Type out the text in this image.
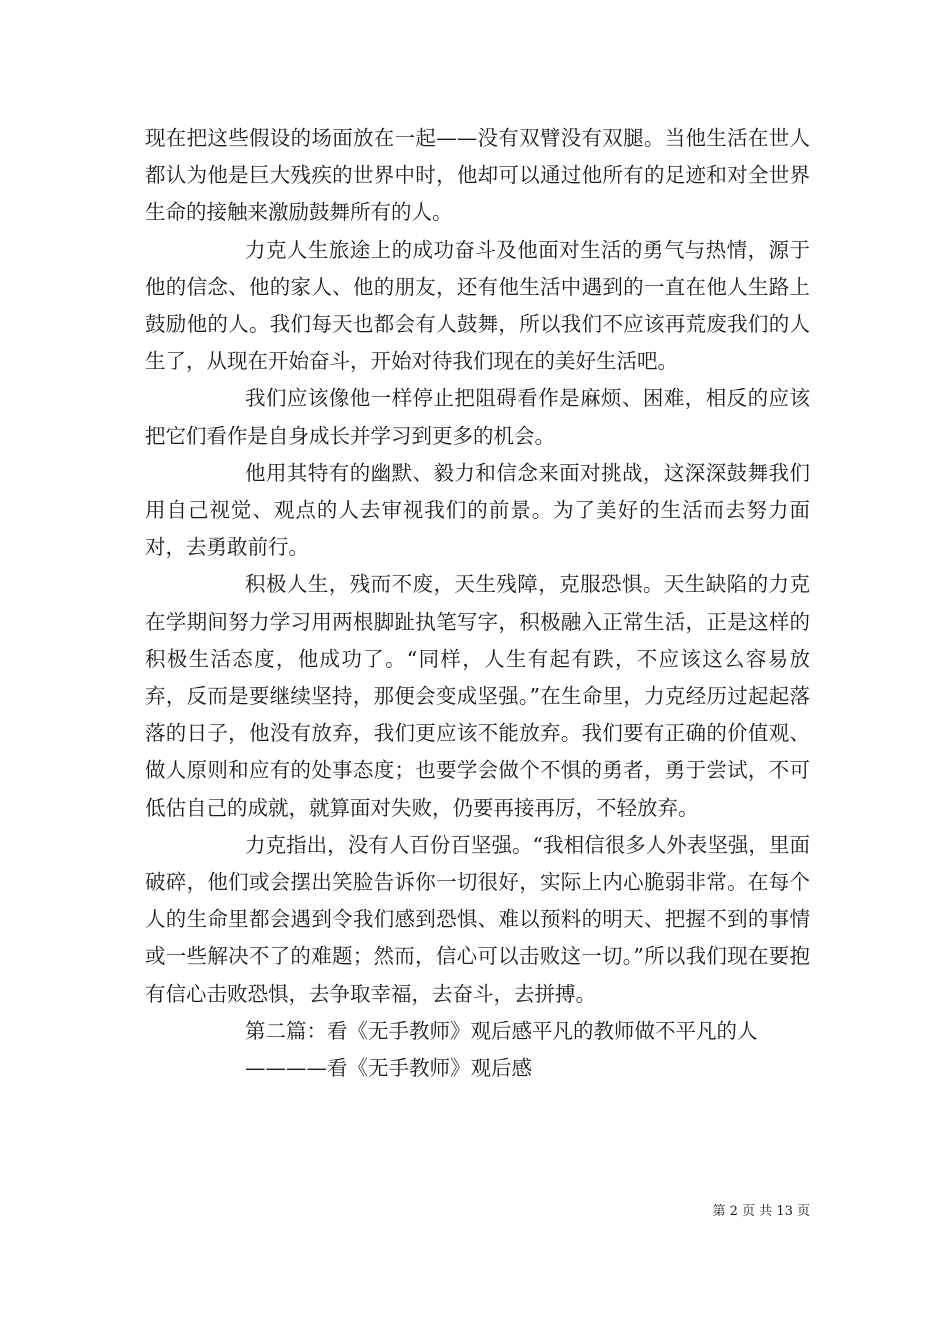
现在把这些假设的场面放在一起——没有双臂没有双腿。当他生活在世人都认为他是巨大残疾的世界中时，他却可以通过他所有的足迹和对全世界生命的接触来激励鼓舞所有的人。

力克人生旅途上的成功奋斗及他面对生活的勇气与热情，源于他的信念、他的家人、他的朋友，还有他生活中遇到的一直在他人生路上鼓励他的人。我们每天也都会有人鼓舞，所以我们不应该再荒废我们的人生了，从现在开始奋斗，开始对待我们现在的美好生活吧。

我们应该像他一样停止把阻碍看作是麻烦、困难，相反的应该把它们看作是自身成长并学习到更多的机会。

他用其特有的幽默、毅力和信念来面对挑战，这深深鼓舞我们用自己视觉、观点的人去审视我们的前景。为了美好的生活而去努力面对，去勇敢前行。

积极人生，残而不废，天生残障，克服恐惧。天生缺陷的力克在学期间努力学习用两根脚趾执笔写字，积极融入正常生活，正是这样的积极生活态度，他成功了。“同样，人生有起有跌，不应该这么容易放弃，反而是要继续坚持，那便会变成坚强。”在生命里，力克经历过起起落落的日子，他没有放弃，我们更应该不能放弃。我们要有正确的价值观、做人原则和应有的处事态度；也要学会做个不惧的勇者，勇于尝试，不可低估自己的成就，就算面对失败，仍要再接再厉，不轻放弃。

力克指出，没有人百份百坚强。“我相信很多人外表坚强，里面破碎，他们或会摆出笑脸告诉你一切很好，实际上内心脆弱非常。在每个人的生命里都会遇到令我们感到恐惧、难以预料的明天、把握不到的事情或一些解决不了的难题；然而，信心可以击败这一切。”所以我们现在要抱有信心击败恐惧，去争取幸福，去奋斗，去拼搏。

第二篇：看《无手教师》观后感平凡的教师做不平凡的人

————看《无手教师》观后感

第 2 页 共 13 页
